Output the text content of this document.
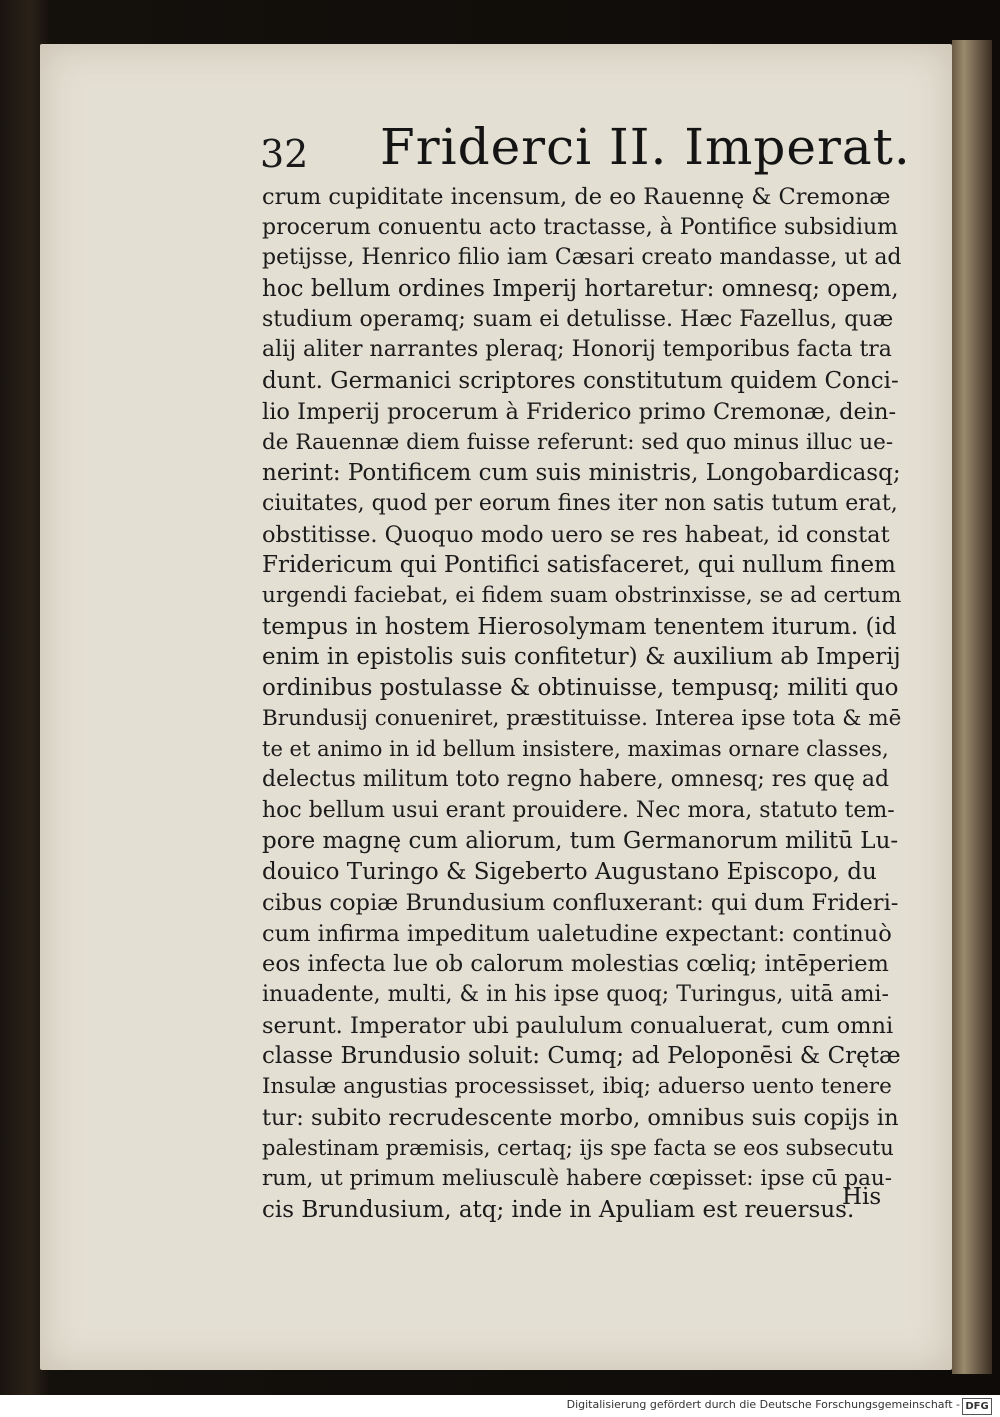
32 Friderci II. Imperat.
crum cupiditate incensum, de eo Rauennę & Cremonæ
procerum conuentu acto tractasse, à Pontifice subsidium
petijsse, Henrico filio iam Cæsari creato mandasse, ut ad
hoc bellum ordines Imperij hortaretur: omnesq; opem,
studium operamq; suam ei detulisse. Hæc Fazellus, quæ
alij aliter narrantes pleraq; Honorij temporibus facta tra
dunt. Germanici scriptores constitutum quidem Conci-
lio Imperij procerum à Friderico primo Cremonæ, dein-
de Rauennæ diem fuisse referunt: sed quo minus illuc ue-
nerint: Pontificem cum suis ministris, Longobardicasq;
ciuitates, quod per eorum fines iter non satis tutum erat,
obstitisse. Quoquo modo uero se res habeat, id constat
Fridericum qui Pontifici satisfaceret, qui nullum finem
urgendi faciebat, ei fidem suam obstrinxisse, se ad certum
tempus in hostem Hierosolymam tenentem iturum. (id
enim in epistolis suis confitetur) & auxilium ab Imperij
ordinibus postulasse & obtinuisse, tempusq; militi quo
Brundusij conueniret, præstituisse. Interea ipse tota & mē
te et animo in id bellum insistere, maximas ornare classes,
delectus militum toto regno habere, omnesq; res quę ad
hoc bellum usui erant prouidere. Nec mora, statuto tem-
pore magnę cum aliorum, tum Germanorum militū Lu-
douico Turingo & Sigeberto Augustano Episcopo, du
cibus copiæ Brundusium confluxerant: qui dum Frideri-
cum infirma impeditum ualetudine expectant: continuò
eos infecta lue ob calorum molestias cœliq; intēperiem
inuadente, multi, & in his ipse quoq; Turingus, uitā ami-
serunt. Imperator ubi paululum conualuerat, cum omni
classe Brundusio soluit: Cumq; ad Peloponēsi & Crętæ
Insulæ angustias processisset, ibiq; aduerso uento tenere
tur: subito recrudescente morbo, omnibus suis copijs in
palestinam præmisis, certaq; ijs spe facta se eos subsecutu
rum, ut primum meliusculè habere cœpisset: ipse cū pau-
cis Brundusium, atq; inde in Apuliam est reuersus.
His
Digitalisierung gefördert durch die Deutsche Forschungsgemeinschaft - DFG
